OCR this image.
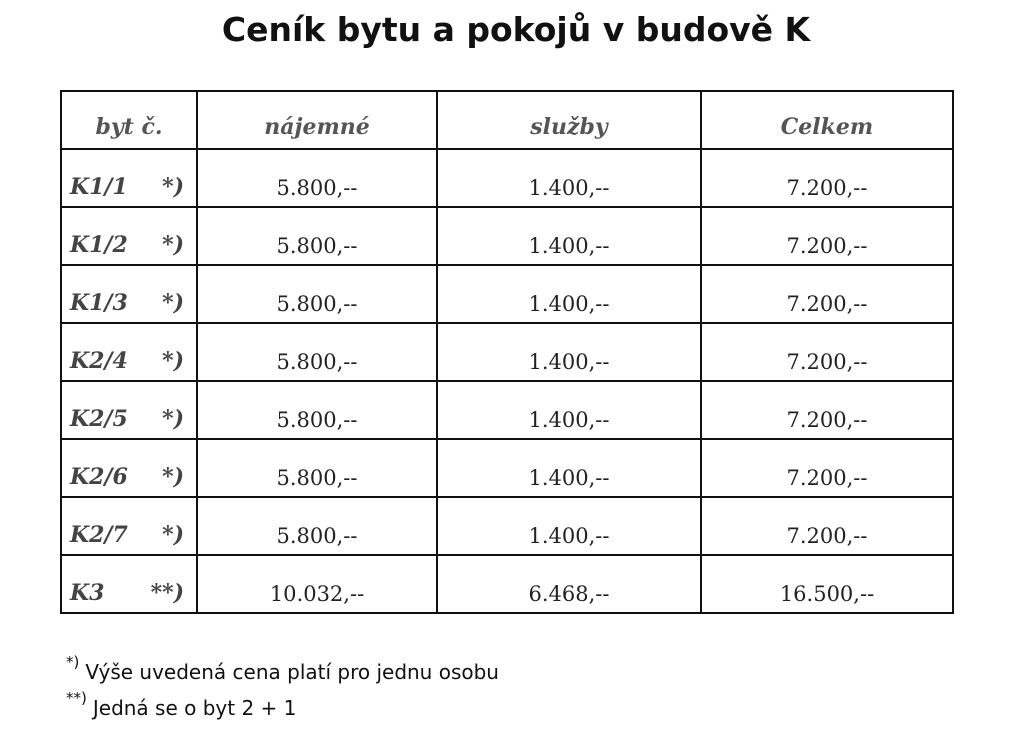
Ceník bytu a pokojů v budově K
byt č.	nájemné	služby	Celkem

K1/1 *)	5.800,--	1.400,--	7.200,--

K1/2 *)	5.800,--	1.400,--	7.200,--

K1/3 *)	5.800,--	1.400,--	7.200,--

K2/4 *)	5.800,--	1.400,--	7.200,--

K2/5 *)	5.800,--	1.400,--	7.200,--

K2/6 *)	5.800,--	1.400,--	7.200,--

K2/7 *)	5.800,--	1.400,--	7.200,--

K3 **)	10.032,--	6.468,--	16.500,--
*) Výše uvedená cena platí pro jednu osobu
**) Jedná se o byt 2 + 1
